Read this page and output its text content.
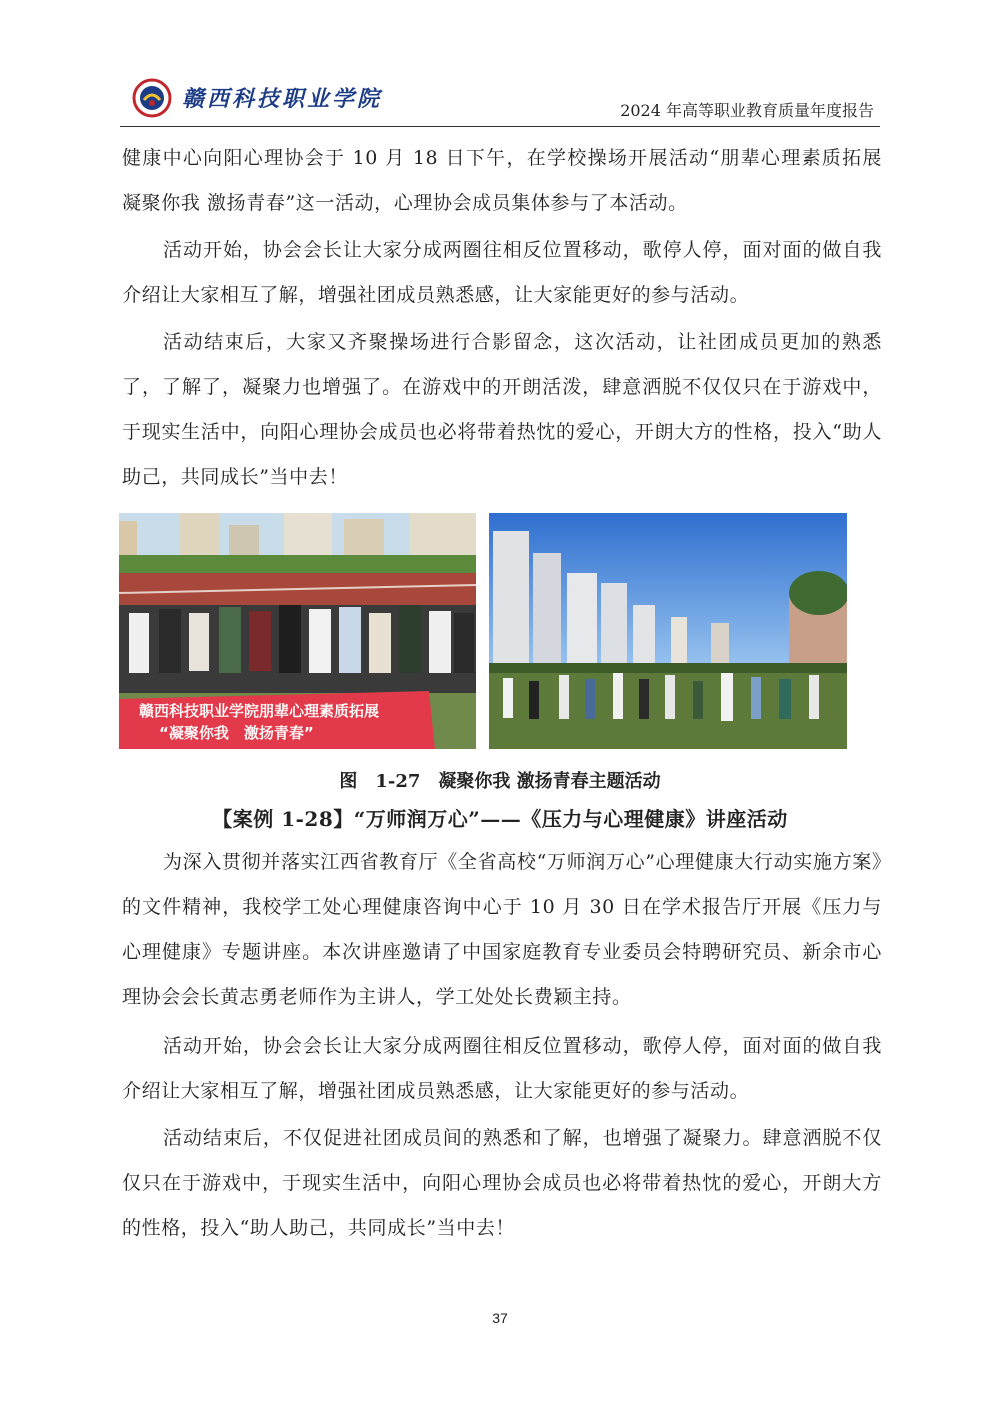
赣西科技职业学院	2024 年高等职业教育质量年度报告

健康中心向阳心理协会于 10 月 18 日下午，在学校操场开展活动“朋辈心理素质拓展 凝聚你我 激扬青春”这一活动，心理协会成员集体参与了本活动。

活动开始，协会会长让大家分成两圈往相反位置移动，歌停人停，面对面的做自我介绍让大家相互了解，增强社团成员熟悉感，让大家能更好的参与活动。

活动结束后，大家又齐聚操场进行合影留念，这次活动，让社团成员更加的熟悉了，了解了，凝聚力也增强了。在游戏中的开朗活泼，肆意洒脱不仅仅只在于游戏中，于现实生活中，向阳心理协会成员也必将带着热忱的爱心，开朗大方的性格，投入“助人助己，共同成长”当中去！

赣西科技职业学院朋辈心理素质拓展
“凝聚你我　激扬青春”
图　1-27　凝聚你我 激扬青春主题活动
【案例 1-28】“万师润万心”——《压力与心理健康》讲座活动

为深入贯彻并落实江西省教育厅《全省高校“万师润万心”心理健康大行动实施方案》的文件精神，我校学工处心理健康咨询中心于 10 月 30 日在学术报告厅开展《压力与心理健康》专题讲座。本次讲座邀请了中国家庭教育专业委员会特聘研究员、新余市心理协会会长黄志勇老师作为主讲人，学工处处长费颖主持。

活动开始，协会会长让大家分成两圈往相反位置移动，歌停人停，面对面的做自我介绍让大家相互了解，增强社团成员熟悉感，让大家能更好的参与活动。

活动结束后，不仅促进社团成员间的熟悉和了解，也增强了凝聚力。肆意洒脱不仅仅只在于游戏中，于现实生活中，向阳心理协会成员也必将带着热忱的爱心，开朗大方的性格，投入“助人助己，共同成长”当中去！

37
